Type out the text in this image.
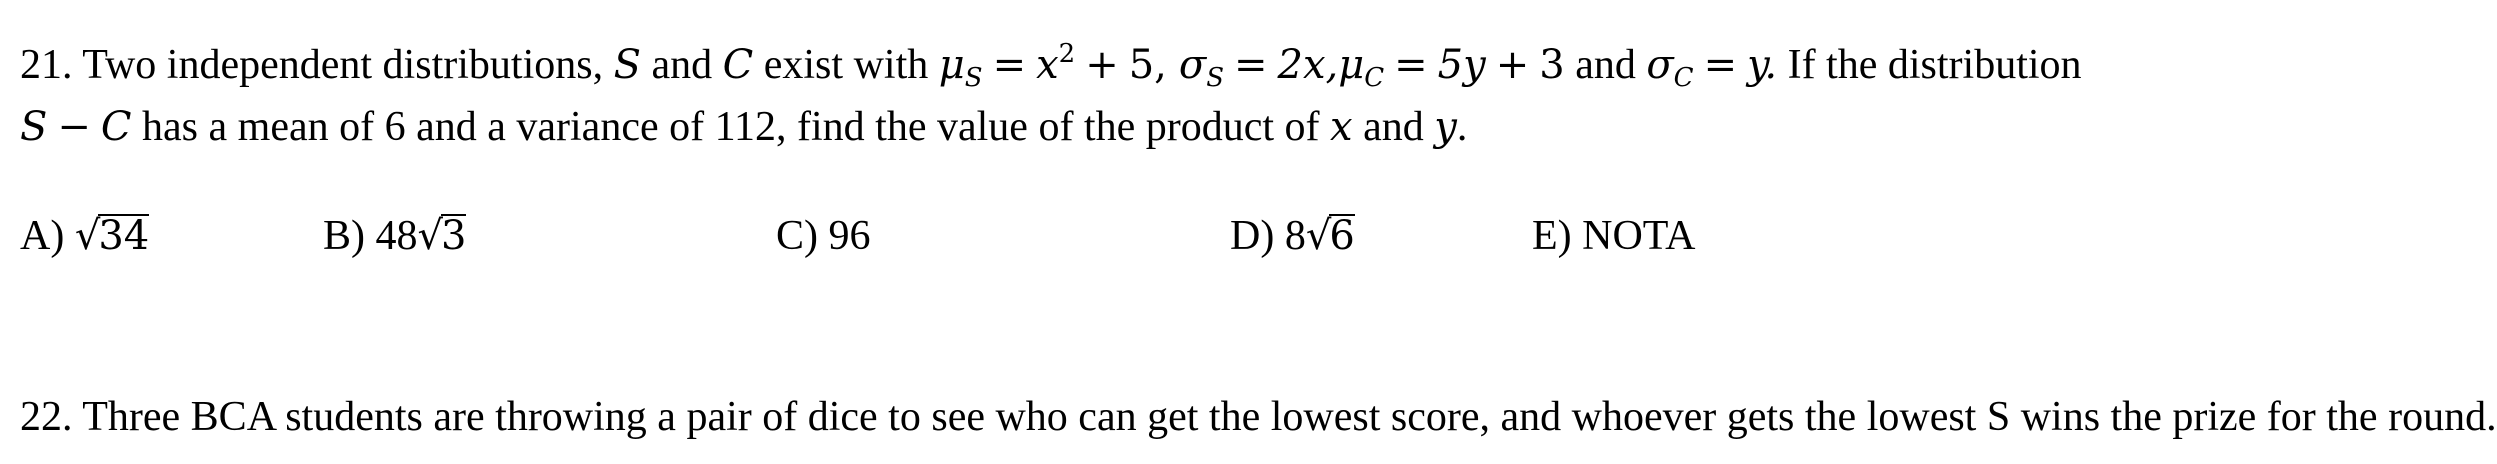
21. Two independent distributions, S and C exist with $\mu_S = x^2 + 5$, $\sigma_S = 2x,\mu_C = 5y + 3$ and $\sigma_C = y$. If the distribution
S − C has a mean of 6 and a variance of 112, find the value of the product of x and y.
A) √34	B) 48√3	C) 96	D) 8√6	E) NOTA
22. Three BCA students are throwing a pair of dice to see who can get the lowest score, and whoever gets the lowest S wins the prize for the round.
